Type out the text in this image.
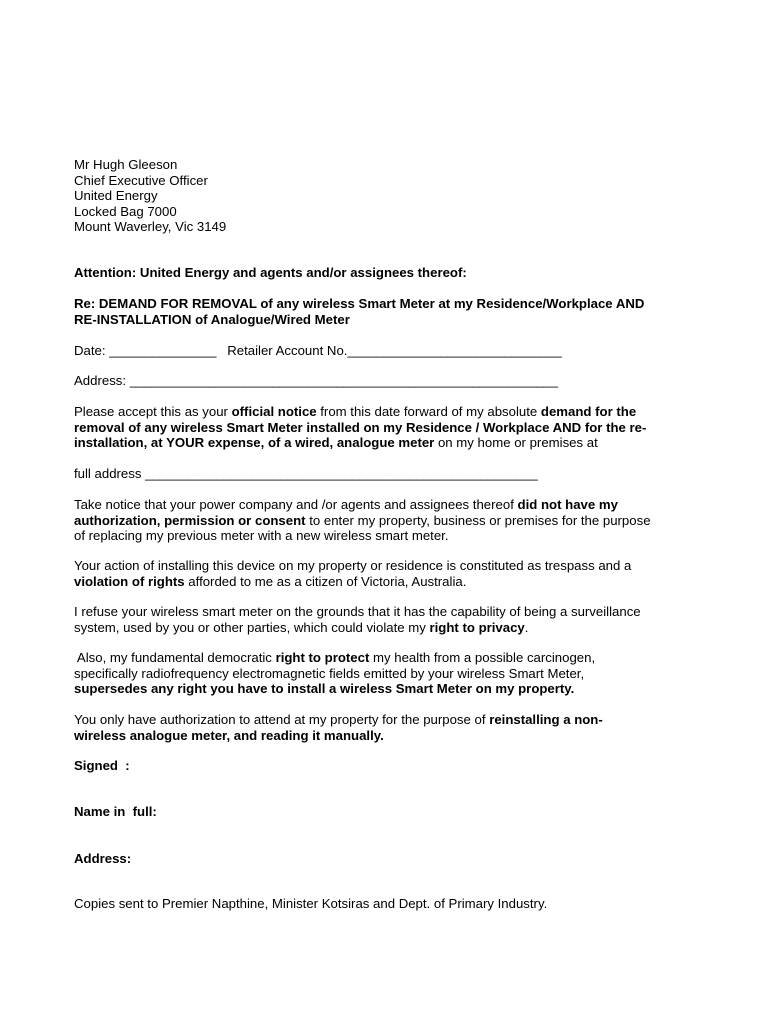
Mr Hugh Gleeson
Chief Executive Officer
United Energy
Locked Bag 7000
Mount Waverley, Vic 3149
Attention: United Energy and agents and/or assignees thereof:
Re: DEMAND FOR REMOVAL of any wireless Smart Meter at my Residence/Workplace AND
RE-INSTALLATION of Analogue/Wired Meter
Date: _______________ Retailer Account No.______________________________
Address: ____________________________________________________________
Please accept this as your official notice from this date forward of my absolute demand for the
removal of any wireless Smart Meter installed on my Residence / Workplace AND for the re-
installation, at YOUR expense, of a wired, analogue meter on my home or premises at
full address _______________________________________________________
Take notice that your power company and /or agents and assignees thereof did not have my
authorization, permission or consent to enter my property, business or premises for the purpose
of replacing my previous meter with a new wireless smart meter.
Your action of installing this device on my property or residence is constituted as trespass and a
violation of rights afforded to me as a citizen of Victoria, Australia.
I refuse your wireless smart meter on the grounds that it has the capability of being a surveillance
system, used by you or other parties, which could violate my right to privacy.
Also, my fundamental democratic right to protect my health from a possible carcinogen,
specifically radiofrequency electromagnetic fields emitted by your wireless Smart Meter,
supersedes any right you have to install a wireless Smart Meter on my property.
You only have authorization to attend at my property for the purpose of reinstalling a non-
wireless analogue meter, and reading it manually.
Signed  :
Name in  full:
Address:
Copies sent to Premier Napthine, Minister Kotsiras and Dept. of Primary Industry.
